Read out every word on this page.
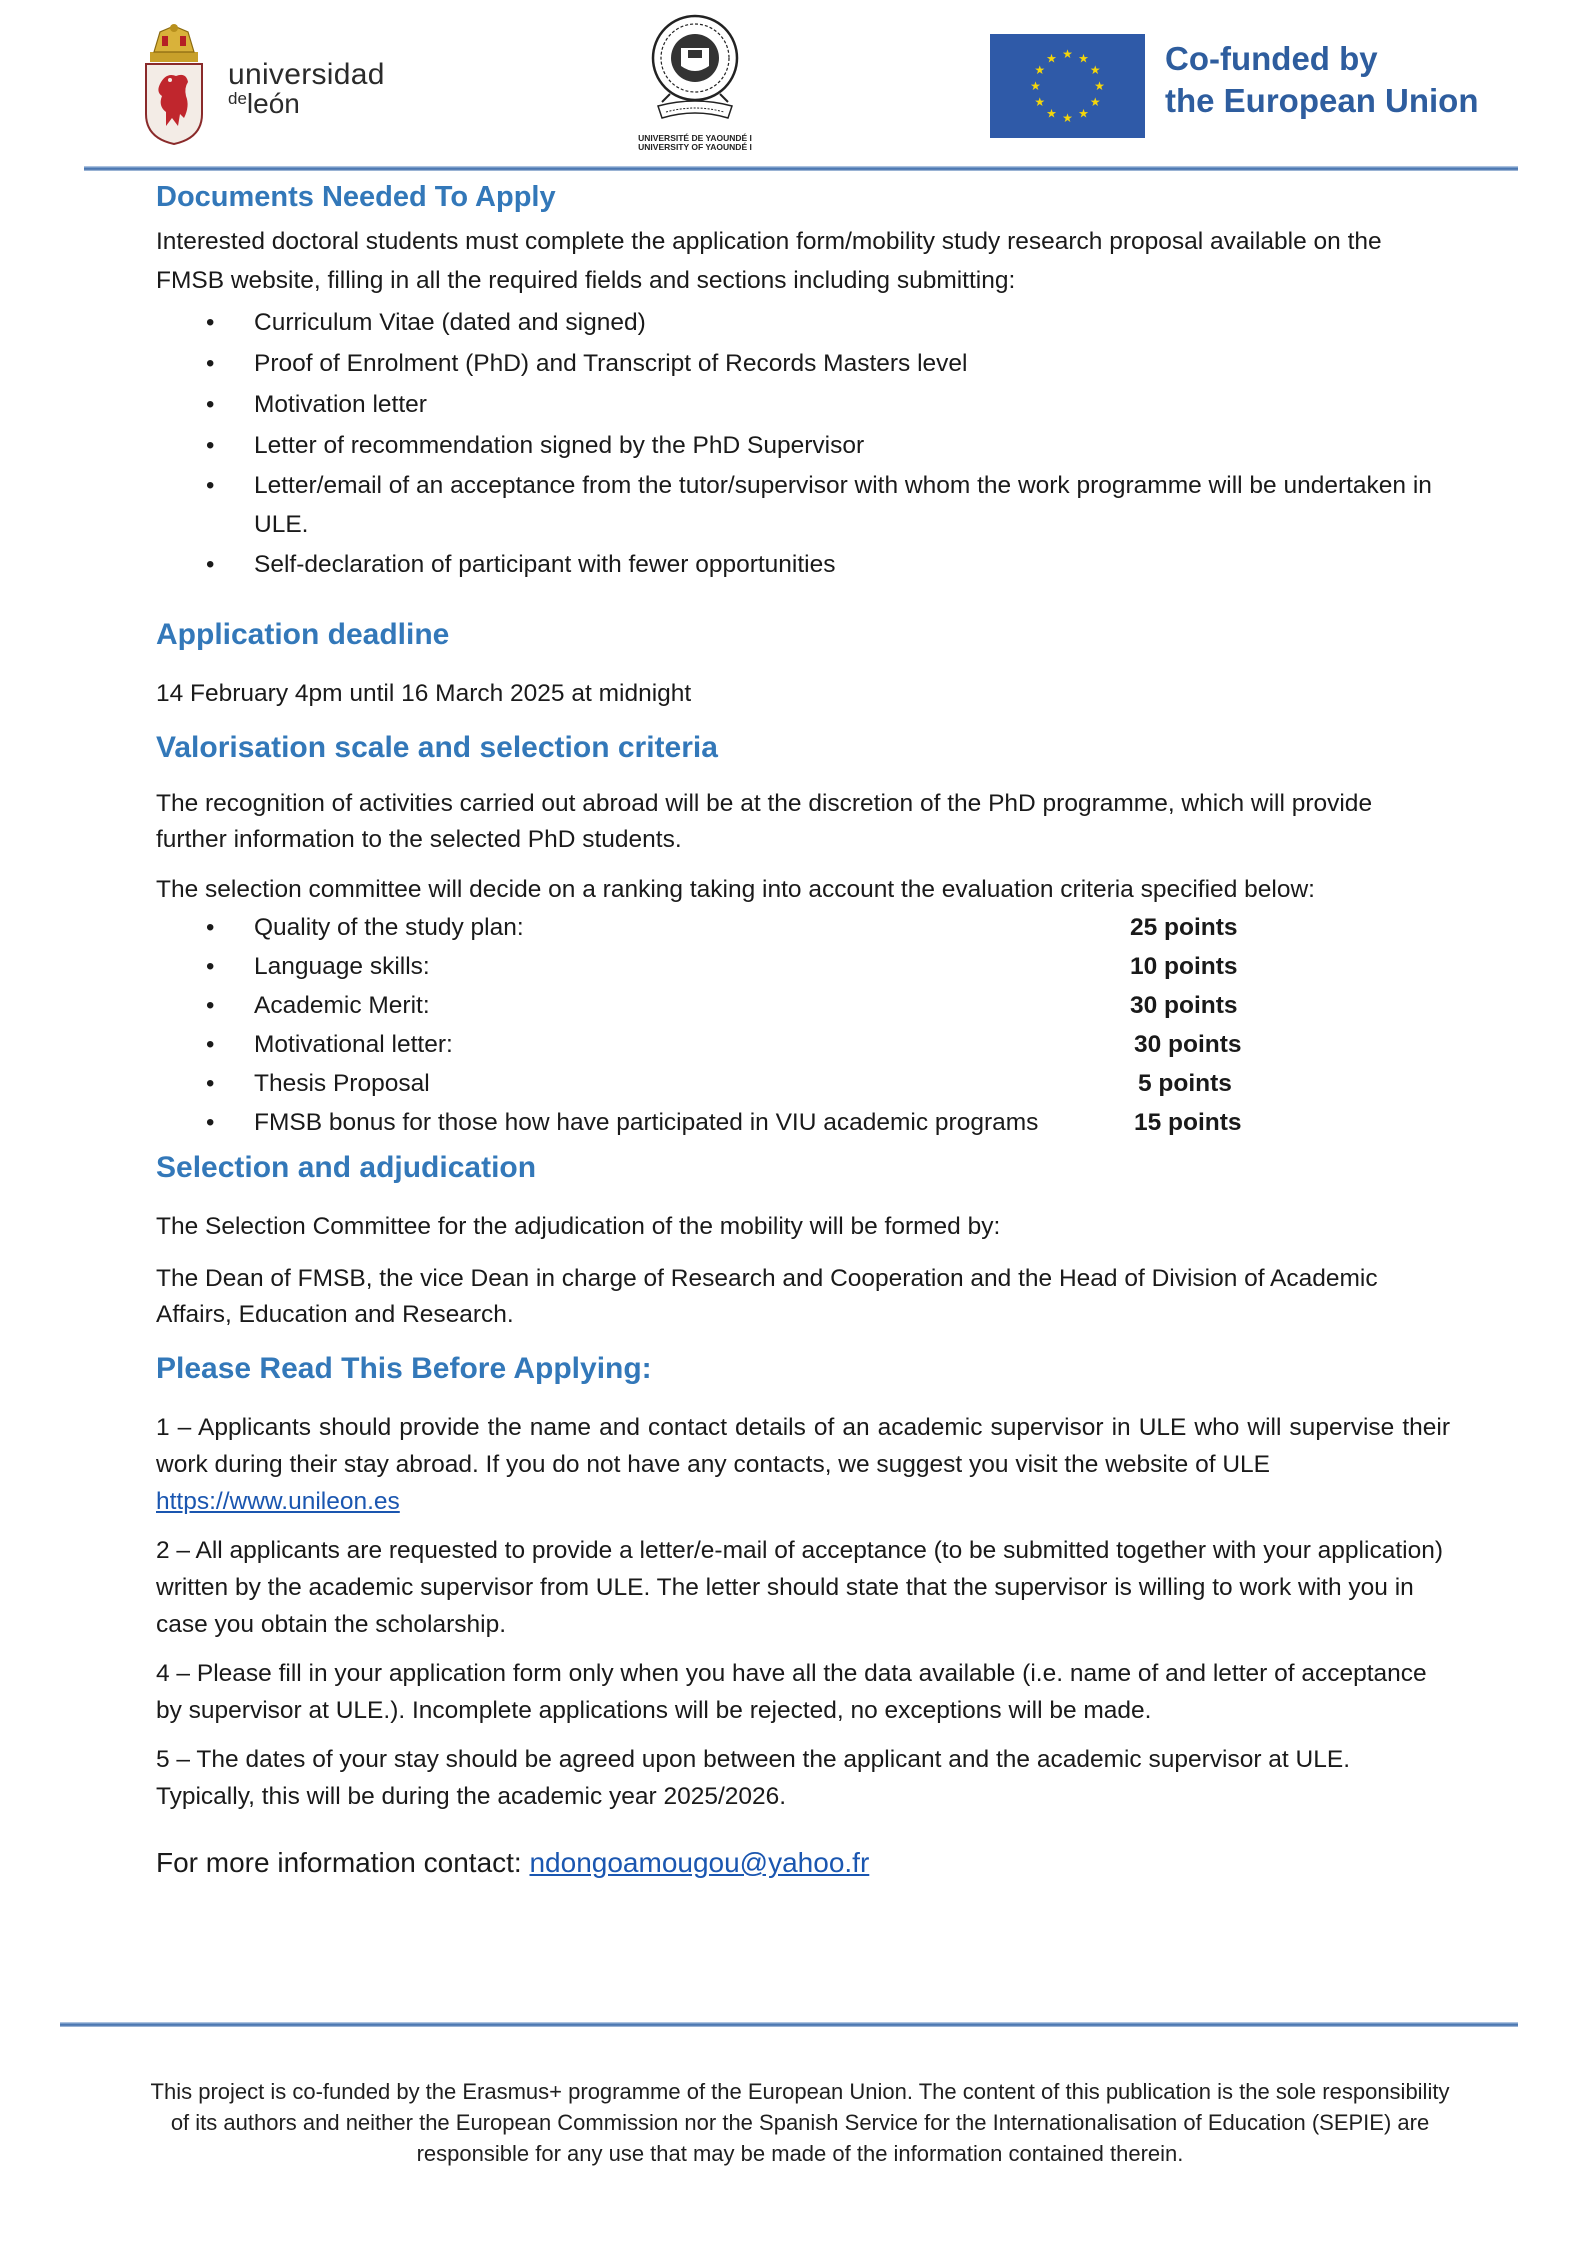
universidad
$^{de}$león
UNIVERSITÉ DE YAOUNDÉ I
UNIVERSITY OF YAOUNDÉ I
★ ★
★
★
★
★
★
★
★
★
★
★	Co-funded by
the European Union
Documents Needed To Apply

Interested doctoral students must complete the application form/mobility study research proposal available on the FMSB website, filling in all the required fields and sections including submitting:

• Curriculum Vitae (dated and signed)
• Proof of Enrolment (PhD) and Transcript of Records Masters level
• Motivation letter
• Letter of recommendation signed by the PhD Supervisor
• Letter/email of an acceptance from the tutor/supervisor with whom the work programme will be undertaken in ULE.
• Self-declaration of participant with fewer opportunities
Application deadline

14 February 4pm until 16 March 2025 at midnight

Valorisation scale and selection criteria

The recognition of activities carried out abroad will be at the discretion of the PhD programme, which will provide further information to the selected PhD students.

The selection committee will decide on a ranking taking into account the evaluation criteria specified below:

• Quality of the study plan:	25 points
• Language skills:	10 points
• Academic Merit:	30 points
• Motivational letter:	30 points
• Thesis Proposal	5 points
• FMSB bonus for those how have participated in VIU academic programs	15 points
Selection and adjudication

The Selection Committee for the adjudication of the mobility will be formed by:

The Dean of FMSB, the vice Dean in charge of Research and Cooperation and the Head of Division of Academic Affairs, Education and Research.

Please Read This Before Applying:

1 – Applicants should provide the name and contact details of an academic supervisor in ULE who will supervise their work during their stay abroad. If you do not have any contacts, we suggest you visit the website of ULE
https://www.unileon.es

2 – All applicants are requested to provide a letter/e-mail of acceptance (to be submitted together with your application) written by the academic supervisor from ULE. The letter should state that the supervisor is willing to work with you in case you obtain the scholarship.

4 – Please fill in your application form only when you have all the data available (i.e. name of and letter of acceptance by supervisor at ULE.). Incomplete applications will be rejected, no exceptions will be made.

5 – The dates of your stay should be agreed upon between the applicant and the academic supervisor at ULE. Typically, this will be during the academic year 2025/2026.

For more information contact: ndongoamougou@yahoo.fr

This project is co-funded by the Erasmus+ programme of the European Union. The content of this publication is the sole responsibility of its authors and neither the European Commission nor the Spanish Service for the Internationalisation of Education (SEPIE) are responsible for any use that may be made of the information contained therein.
